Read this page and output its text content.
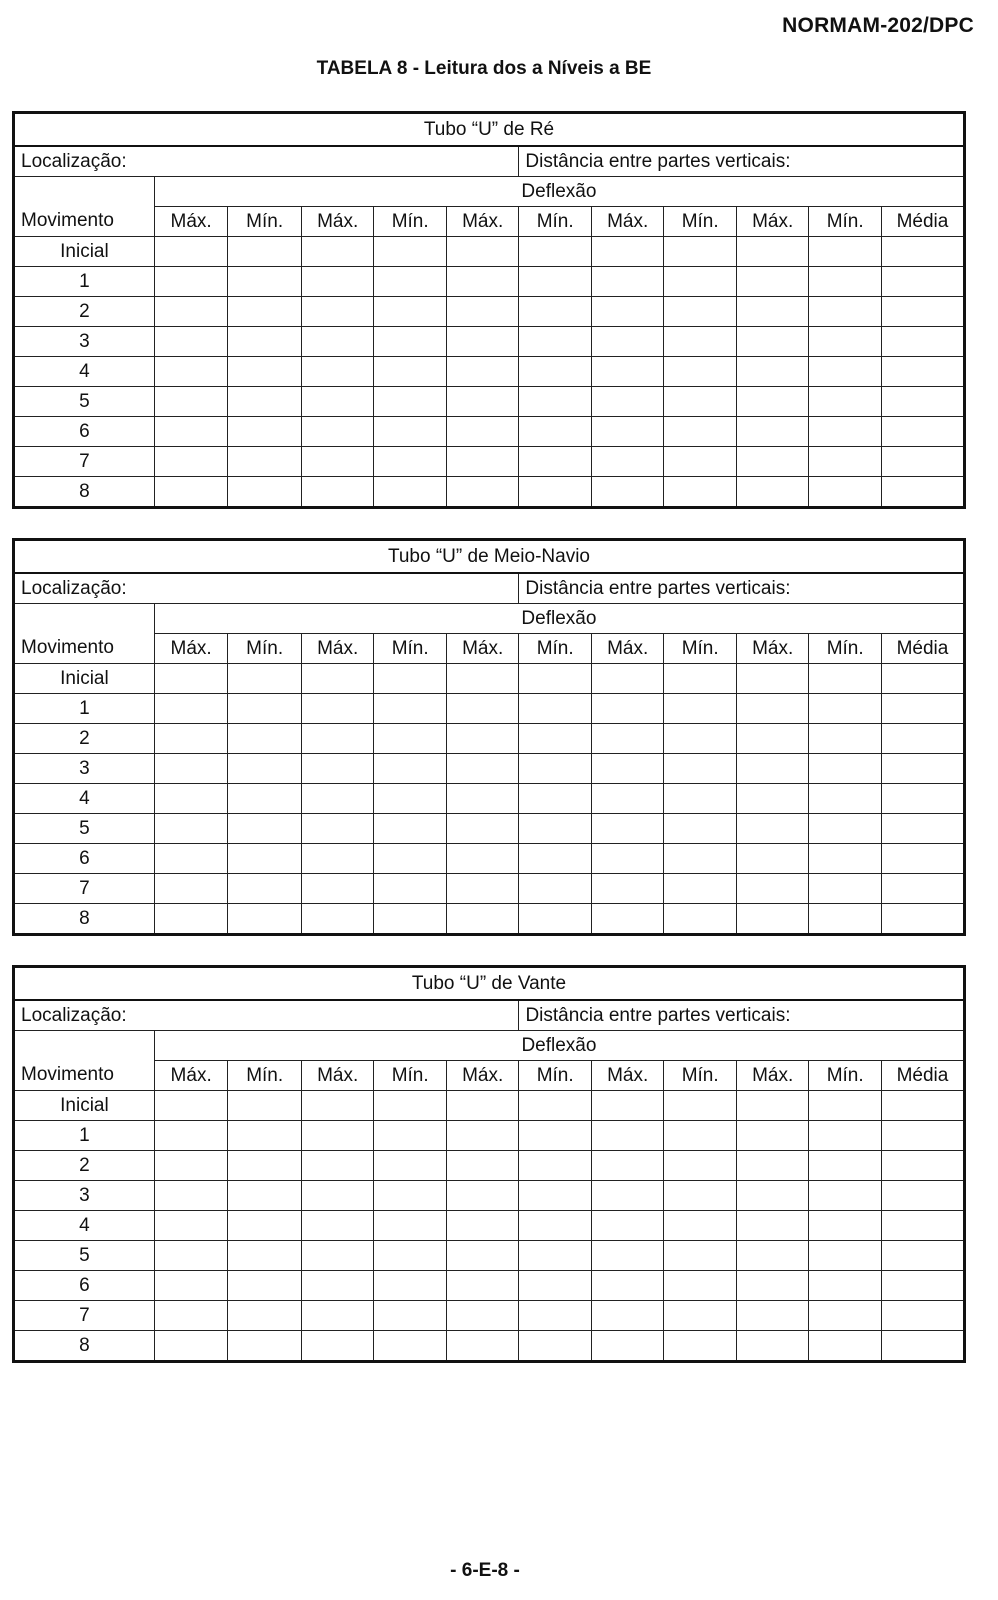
NORMAM-202/DPC
TABELA 8 - Leitura dos a Níveis a BE
Tubo “U” de Ré											
Localização:						Distância entre partes verticais:					
Movimento	Deflexão										
	Máx.	Mín.	Máx.	Mín.	Máx.	Mín.	Máx.	Mín.	Máx.	Mín.	Média
Inicial											
1											
2											
3											
4											
5											
6											
7											
8											
Tubo “U” de Meio-Navio											
Localização:						Distância entre partes verticais:					
Movimento	Deflexão										
	Máx.	Mín.	Máx.	Mín.	Máx.	Mín.	Máx.	Mín.	Máx.	Mín.	Média
Inicial											
1											
2											
3											
4											
5											
6											
7											
8											
Tubo “U” de Vante											
Localização:						Distância entre partes verticais:					
Movimento	Deflexão										
	Máx.	Mín.	Máx.	Mín.	Máx.	Mín.	Máx.	Mín.	Máx.	Mín.	Média
Inicial											
1											
2											
3											
4											
5											
6											
7											
8											
- 6-E-8 -
